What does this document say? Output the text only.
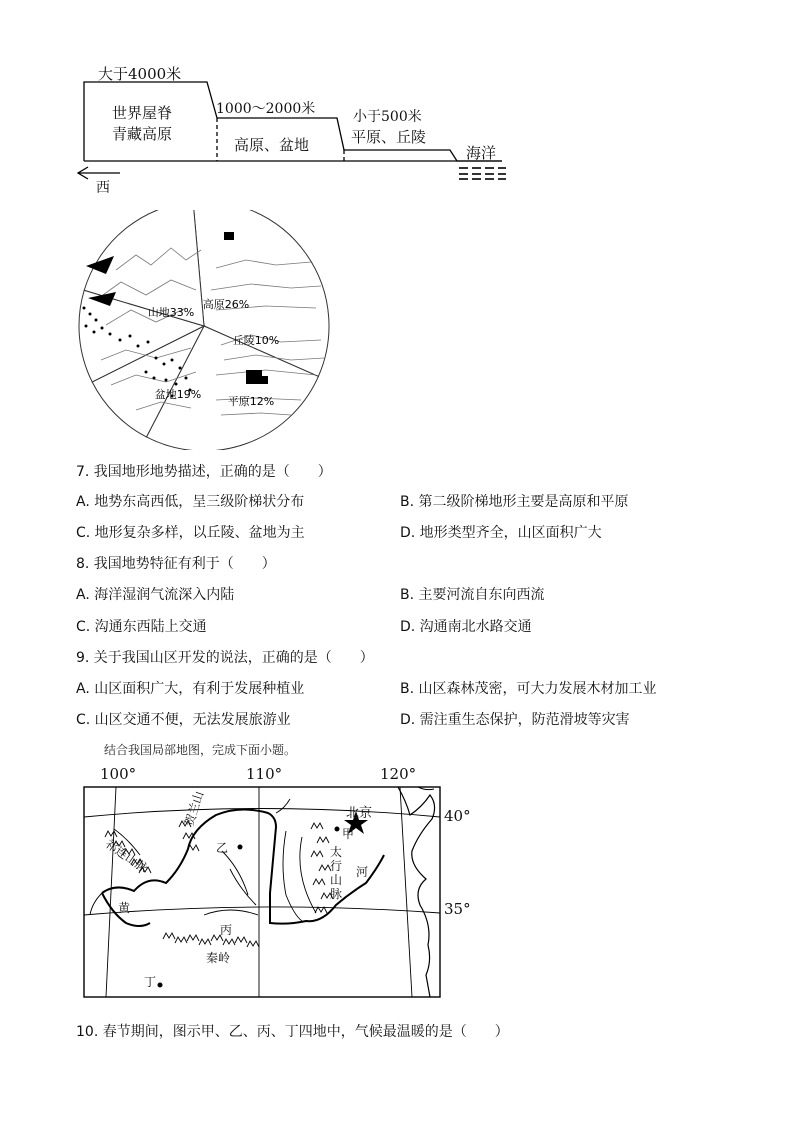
大于4000米
世界屋脊
青藏高原
1000～2000米
高原、盆地
小于500米
平原、丘陵
海洋
西
山地33%
高原26%
丘陵10%
平原12%
盆地19%
7. 我国地形地势描述，正确的是（　　）
A. 地势东高西低，呈三级阶梯状分布	B. 第二级阶梯地形主要是高原和平原
C. 地形复杂多样，以丘陵、盆地为主	D. 地形类型齐全，山区面积广大
8. 我国地势特征有利于（　　）
A. 海洋湿润气流深入内陆	B. 主要河流自东向西流
C. 沟通东西陆上交通	D. 沟通南北水路交通
9. 关于我国山区开发的说法，正确的是（　　）
A. 山区面积广大，有利于发展种植业	B. 山区森林茂密，可大力发展木材加工业
C. 山区交通不便，无法发展旅游业	D. 需注重生态保护，防范滑坡等灾害
结合我国局部地图，完成下面小题。
100°	110°	120°
40°
35°
北京
甲
乙
丙
丁
祁连山脉
贺兰山
太行山脉
黄
河
秦岭
10. 春节期间，图示甲、乙、丙、丁四地中，气候最温暖的是（　　）
